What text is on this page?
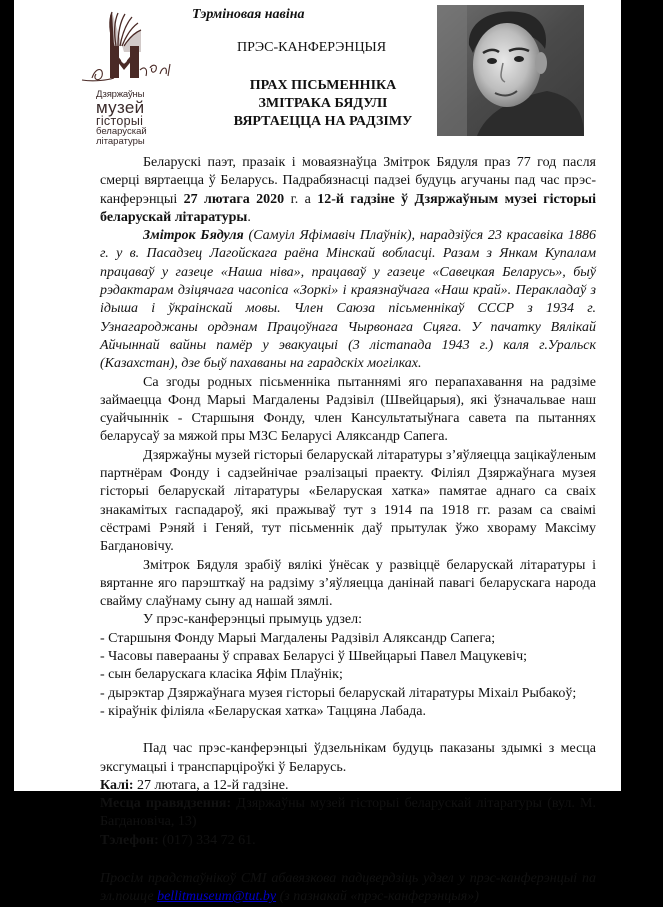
Дзяржаўны
музей
гісторыі
беларускай
літаратуры
Тэрміновая навіна
ПРЭС-КАНФЕРЭНЦЫЯ
ПРАХ ПІСЬМЕННІКА
ЗМІТРАКА БЯДУЛІ
ВЯРТАЕЦЦА НА РАДЗІМУ

Беларускі паэт, празаік і моваязнаўца Змітрок Бядуля праз 77 год пасля смерці вяртаецца ў Беларусь. Падрабязнасці падзеі будуць агучаны пад час прэс-канферэнцыі 27 лютага 2020 г. а 12-й гадзіне ў Дзяржаўным музеі гісторыі беларускай літаратуры.

Змітрок Бядуля (Самуіл Яфімавіч Плаўнік), нарадзіўся 23 красавіка 1886 г. у в. Пасадзец Лагойскага раёна Мінскай вобласці. Разам з Янкам Купалам працаваў у газеце «Наша ніва», працаваў у газеце «Савецкая Беларусь», быў рэдактарам дзіцячага часопіса «Зоркі» і краязнаўчага «Наш край». Перакладаў з ідыша і ўкраінскай мовы. Член Саюза пісьменнікаў СССР з 1934 г. Узнагароджаны ордэнам Працоўнага Чырвонага Сцяга. У пачатку Вялікай Айчыннай вайны памёр у эвакуацыі (3 лістапада 1943 г.) каля г.Уральск (Казахстан), дзе быў пахаваны на гарадскіх могілках.

Са згоды родных пісьменніка пытаннямі яго перапахавання на радзіме займаецца Фонд Марыі Магдалены Радзівіл (Швейцарыя), які ўзначальвае наш суайчыннік - Старшыня Фонду, член Кансультатыўнага савета па пытаннях беларусаў за мяжой пры МЗС Беларусі Аляксандр Сапега.

Дзяржаўны музей гісторыі беларускай літаратуры з’яўляецца зацікаўленым партнёрам Фонду і садзейнічае рэалізацыі праекту. Філіял Дзяржаўнага музея гісторыі беларускай літаратуры «Беларуская хатка» памятае аднаго са сваіх знакамітых гаспадароў, які пражываў тут з 1914 па 1918 гг. разам са сваімі сёстрамі Рэняй і Геняй, тут пісьменнік даў прытулак ўжо хвораму Максіму Багдановічу.

Змітрок Бядуля зрабіў вялікі ўнёсак у развіццё беларускай літаратуры і вяртанне яго парэшткаў на радзіму з’яўляецца данінай павагі беларускага народа свайму слаўнаму сыну ад нашай зямлі.

У прэс-канферэнцыі прымуць удзел:

- Старшыня Фонду Марыі Магдалены Радзівіл Аляксандр Сапега;
- Часовы паверааны ў справах Беларусі ў Швейцарыі Павел Мацукевіч;
- сын беларускага класіка Яфім Плаўнік;
- дырэктар Дзяржаўнага музея гісторыі беларускай літаратуры Міхаіл Рыбакоў;
- кіраўнік філіяла «Беларуская хатка» Таццяна Лабада.

Пад час прэс-канферэнцыі ўдзельнікам будуць паказаны здымкі з месца эксгумацыі і транспарціроўкі ў Беларусь.

Калі: 27 лютага, а 12-й гадзіне.

Месца правядзення: Дзяржаўны музей гісторыі беларускай літаратуры (вул. М. Багдановіча, 13)

Тэлефон: (017) 334 72 61.

Просім прадстаўнікоў СМІ абавязкова падцвердзіць удзел у прэс-канферэнцыі па эл.пошце bellitmuseum@tut.by (з пазнакай «прэс-канферэнцыя»)
